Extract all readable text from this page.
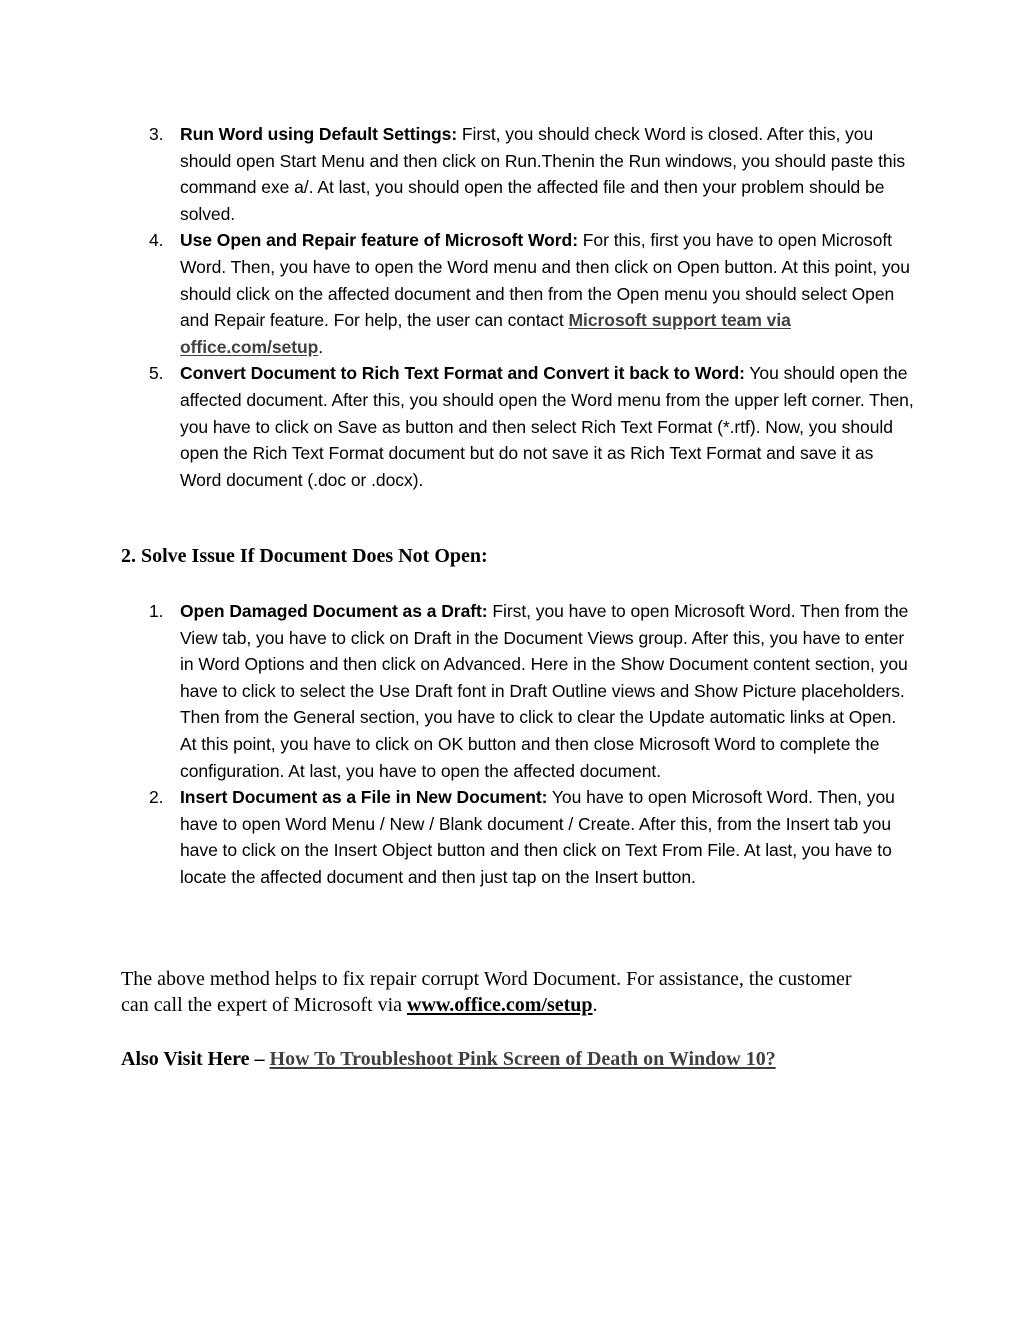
3. Run Word using Default Settings: First, you should check Word is closed. After this, you should open Start Menu and then click on Run.Thenin the Run windows, you should paste this command exe a/. At last, you should open the affected file and then your problem should be solved.
4. Use Open and Repair feature of Microsoft Word: For this, first you have to open Microsoft Word. Then, you have to open the Word menu and then click on Open button. At this point, you should click on the affected document and then from the Open menu you should select Open and Repair feature. For help, the user can contact Microsoft support team via office.com/setup.
5. Convert Document to Rich Text Format and Convert it back to Word: You should open the affected document. After this, you should open the Word menu from the upper left corner. Then, you have to click on Save as button and then select Rich Text Format (*.rtf). Now, you should open the Rich Text Format document but do not save it as Rich Text Format and save it as Word document (.doc or .docx).
2. Solve Issue If Document Does Not Open:
1. Open Damaged Document as a Draft: First, you have to open Microsoft Word. Then from the View tab, you have to click on Draft in the Document Views group. After this, you have to enter in Word Options and then click on Advanced. Here in the Show Document content section, you have to click to select the Use Draft font in Draft Outline views and Show Picture placeholders. Then from the General section, you have to click to clear the Update automatic links at Open. At this point, you have to click on OK button and then close Microsoft Word to complete the configuration. At last, you have to open the affected document.
2. Insert Document as a File in New Document: You have to open Microsoft Word. Then, you have to open Word Menu / New / Blank document / Create. After this, from the Insert tab you have to click on the Insert Object button and then click on Text From File. At last, you have to locate the affected document and then just tap on the Insert button.

The above method helps to fix repair corrupt Word Document. For assistance, the customer can call the expert of Microsoft via www.office.com/setup.

Also Visit Here – How To Troubleshoot Pink Screen of Death on Window 10?
